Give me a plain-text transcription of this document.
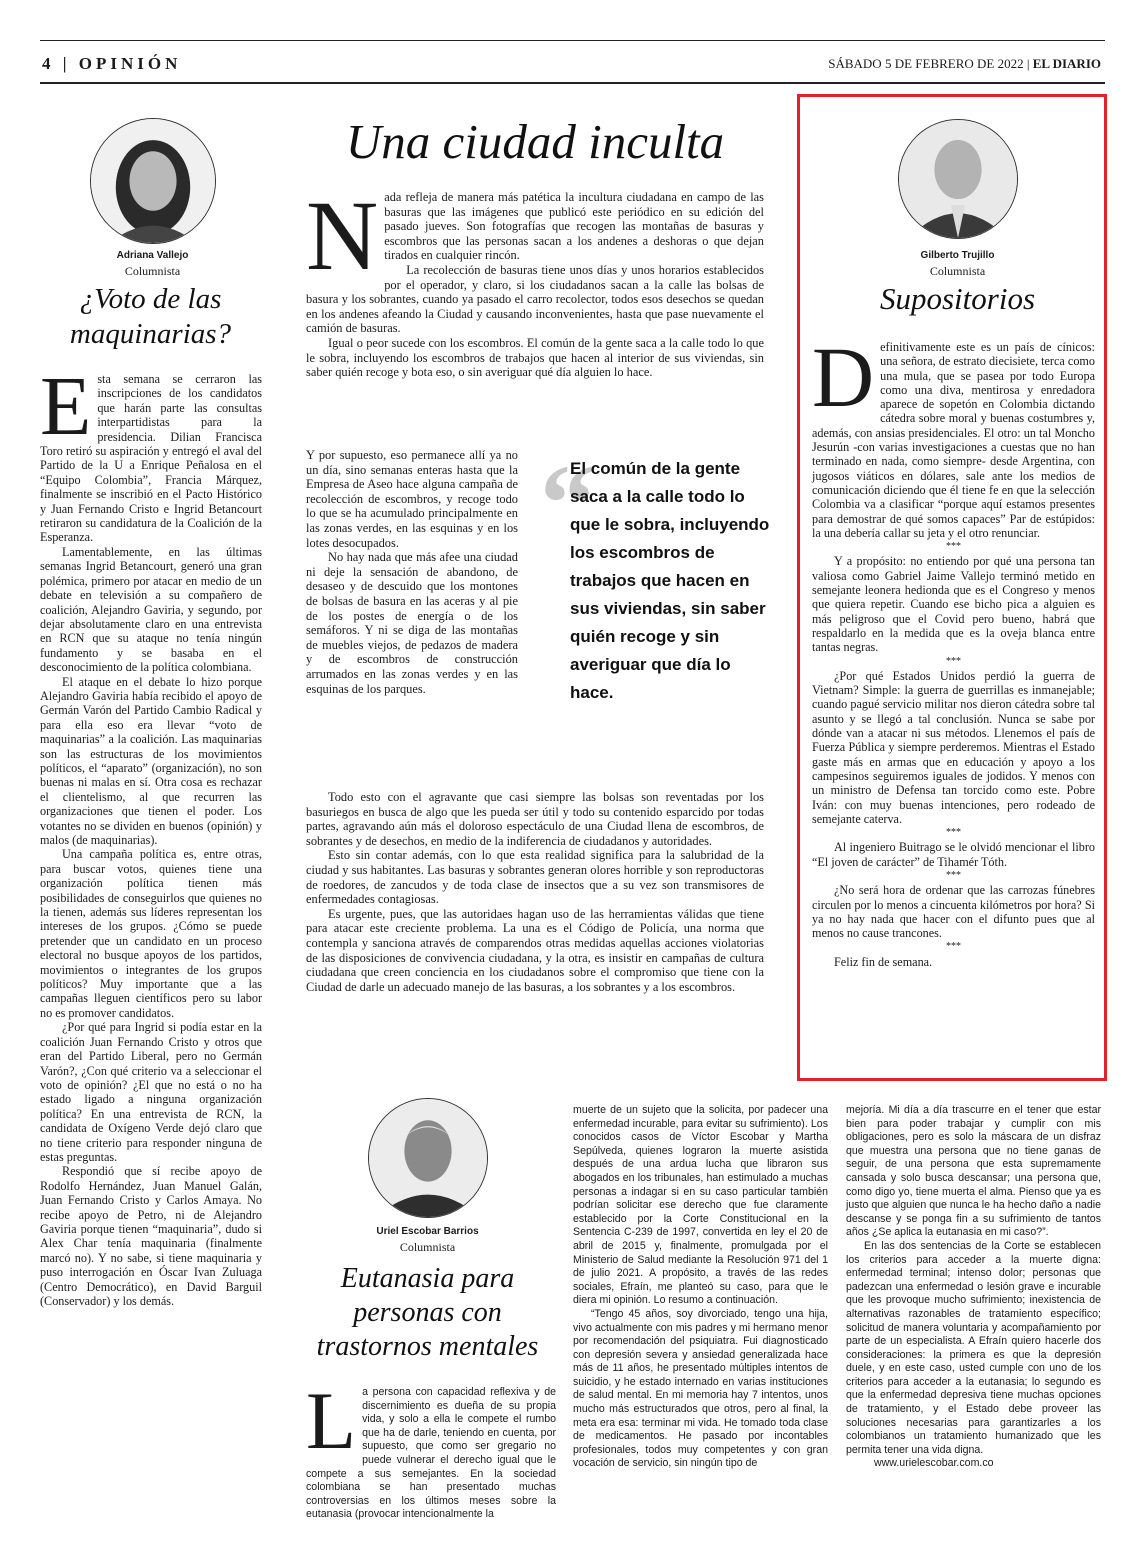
4 | OPINIÓN	SÁBADO 5 DE FEBRERO DE 2022 | EL DIARIO
Adriana Vallejo
Columnista
¿Voto de las maquinarias?

Esta semana se cerraron las inscripciones de los candidatos que harán parte las consultas interpartidistas para la presidencia. Dilian Francisca Toro retiró su aspiración y entregó el aval del Partido de la U a Enrique Peñalosa en el “Equipo Colombia”, Francia Márquez, finalmente se inscribió en el Pacto Histórico y Juan Fernando Cristo e Ingrid Betancourt retiraron su candidatura de la Coalición de la Esperanza.

Lamentablemente, en las últimas semanas Ingrid Betancourt, generó una gran polémica, primero por atacar en medio de un debate en televisión a su compañero de coalición, Alejandro Gaviria, y segundo, por dejar absolutamente claro en una entrevista en RCN que su ataque no tenía ningún fundamento y se basaba en el desconocimiento de la política colombiana.

El ataque en el debate lo hizo porque Alejandro Gaviria había recibido el apoyo de Germán Varón del Partido Cambio Radical y para ella eso era llevar “voto de maquinarias” a la coalición. Las maquinarias son las estructuras de los movimientos políticos, el “aparato” (organización), no son buenas ni malas en sí. Otra cosa es rechazar el clientelismo, al que recurren las organizaciones que tienen el poder. Los votantes no se dividen en buenos (opinión) y malos (de maquinarias).

Una campaña política es, entre otras, para buscar votos, quienes tiene una organización política tienen más posibilidades de conseguirlos que quienes no la tienen, además sus líderes representan los intereses de los grupos. ¿Cómo se puede pretender que un candidato en un proceso electoral no busque apoyos de los partidos, movimientos o integrantes de los grupos políticos? Muy importante que a las campañas lleguen científicos pero su labor no es promover candidatos.

¿Por qué para Ingrid si podía estar en la coalición Juan Fernando Cristo y otros que eran del Partido Liberal, pero no Germán Varón?, ¿Con qué criterio va a seleccionar el voto de opinión? ¿El que no está o no ha estado ligado a ninguna organización política? En una entrevista de RCN, la candidata de Oxígeno Verde dejó claro que no tiene criterio para responder ninguna de estas preguntas.

Respondió que sí recibe apoyo de Rodolfo Hernández, Juan Manuel Galán, Juan Fernando Cristo y Carlos Amaya. No recibe apoyo de Petro, ni de Alejandro Gaviria porque tienen “maquinaria”, dudo si Alex Char tenía maquinaria (finalmente marcó no). Y no sabe, si tiene maquinaria y puso interrogación en Óscar Ivan Zuluaga (Centro Democrático), en David Barguil (Conservador) y los demás.

Una ciudad inculta

Nada refleja de manera más patética la incultura ciudadana en campo de las basuras que las imágenes que publicó este periódico en su edición del pasado jueves. Son fotografías que recogen las montañas de basuras y escombros que las personas sacan a los andenes a deshoras o que dejan tirados en cualquier rincón.

La recolección de basuras tiene unos días y unos horarios establecidos por el operador, y claro, si los ciudadanos sacan a la calle las bolsas de basura y los sobrantes, cuando ya pasado el carro recolector, todos esos desechos se quedan en los andenes afeando la Ciudad y causando inconvenientes, hasta que pase nuevamente el camión de basuras.

Igual o peor sucede con los escombros. El común de la gente saca a la calle todo lo que le sobra, incluyendo los escombros de trabajos que hacen al interior de sus viviendas, sin saber quién recoge y bota eso, o sin averiguar qué día alguien lo hace.

Y por supuesto, eso permanece allí ya no un día, sino semanas enteras hasta que la Empresa de Aseo hace alguna campaña de recolección de escombros, y recoge todo lo que se ha acumulado principalmente en las zonas verdes, en las esquinas y en los lotes desocupados.

No hay nada que más afee una ciudad ni deje la sensación de abandono, de desaseo y de descuido que los montones de bolsas de basura en las aceras y al pie de los postes de energía o de los semáforos. Y ni se diga de las montañas de muebles viejos, de pedazos de madera y de escombros de construcción arrumados en las zonas verdes y en las esquinas de los parques.

“
El común de la gente saca a la calle todo lo que le sobra, incluyendo los escombros de trabajos que hacen en sus viviendas, sin saber quién recoge y sin averiguar que día lo hace.

Todo esto con el agravante que casi siempre las bolsas son reventadas por los basuriegos en busca de algo que les pueda ser útil y todo su contenido esparcido por todas partes, agravando aún más el doloroso espectáculo de una Ciudad llena de escombros, de sobrantes y de desechos, en medio de la indiferencia de ciudadanos y autoridades.

Esto sin contar además, con lo que esta realidad significa para la salubridad de la ciudad y sus habitantes. Las basuras y sobrantes generan olores horrible y son reproductoras de roedores, de zancudos y de toda clase de insectos que a su vez son transmisores de enfermedades contagiosas.

Es urgente, pues, que las autoridaes hagan uso de las herramientas válidas que tiene para atacar este creciente problema. La una es el Código de Policía, una norma que contempla y sanciona através de comparendos otras medidas aquellas acciones violatorias de las disposiciones de convivencia ciudadana, y la otra, es insistir en campañas de cultura ciudadana que creen conciencia en los ciudadanos sobre el compromiso que tiene con la Ciudad de darle un adecuado manejo de las basuras, a los sobrantes y a los escombros.

Gilberto Trujillo
Columnista
Supositorios

Definitivamente este es un país de cínicos: una señora, de estrato diecisiete, terca como una mula, que se pasea por todo Europa como una diva, mentirosa y enredadora aparece de sopetón en Colombia dictando cátedra sobre moral y buenas costumbres y, además, con ansias presidenciales. El otro: un tal Moncho Jesurún -con varias investigaciones a cuestas que no han terminado en nada, como siempre- desde Argentina, con jugosos viáticos en dólares, sale ante los medios de comunicación diciendo que él tiene fe en que la selección Colombia va a clasificar “porque aquí estamos presentes para demostrar de qué somos capaces” Par de estúpidos: la una debería callar su jeta y el otro renunciar.

***

Y a propósito: no entiendo por qué una persona tan valiosa como Gabriel Jaime Vallejo terminó metido en semejante leonera hedionda que es el Congreso y menos que quiera repetir. Cuando ese bicho pica a alguien es más peligroso que el Covid pero bueno, habrá que respaldarlo en la medida que es la oveja blanca entre tantas negras.

***

¿Por qué Estados Unidos perdió la guerra de Vietnam? Simple: la guerra de guerrillas es inmanejable; cuando pagué servicio militar nos dieron cátedra sobre tal asunto y se llegó a tal conclusión. Nunca se sabe por dónde van a atacar ni sus métodos. Llenemos el país de Fuerza Pública y siempre perderemos. Mientras el Estado gaste más en armas que en educación y apoyo a los campesinos seguiremos iguales de jodidos. Y menos con un ministro de Defensa tan torcido como este. Pobre Iván: con muy buenas intenciones, pero rodeado de semejante caterva.

***

Al ingeniero Buitrago se le olvidó mencionar el libro “El joven de carácter” de Tihamér Tóth.

***

¿No será hora de ordenar que las carrozas fúnebres circulen por lo menos a cincuenta kilómetros por hora? Si ya no hay nada que hacer con el difunto pues que al menos no cause trancones.

***

Feliz fin de semana.

Uriel Escobar Barrios
Columnista
Eutanasia para personas con trastornos mentales

La persona con capacidad reflexiva y de discernimiento es dueña de su propia vida, y solo a ella le compete el rumbo que ha de darle, teniendo en cuenta, por supuesto, que como ser gregario no puede vulnerar el derecho igual que le compete a sus semejantes. En la sociedad colombiana se han presentado muchas controversias en los últimos meses sobre la eutanasia (provocar intencionalmente la

muerte de un sujeto que la solicita, por padecer una enfermedad incurable, para evitar su sufrimiento). Los conocidos casos de Víctor Escobar y Martha Sepúlveda, quienes lograron la muerte asistida después de una ardua lucha que libraron sus abogados en los tribunales, han estimulado a muchas personas a indagar si en su caso particular también podrían solicitar ese derecho que fue claramente establecido por la Corte Constitucional en la Sentencia C-239 de 1997, convertida en ley el 20 de abril de 2015 y, finalmente, promulgada por el Ministerio de Salud mediante la Resolución 971 del 1 de julio 2021. A propósito, a través de las redes sociales, Efraín, me planteó su caso, para que le diera mi opinión. Lo resumo a continuación.

“Tengo 45 años, soy divorciado, tengo una hija, vivo actualmente con mis padres y mi hermano menor por recomendación del psiquiatra. Fui diagnosticado con depresión severa y ansiedad generalizada hace más de 11 años, he presentado múltiples intentos de suicidio, y he estado internado en varias instituciones de salud mental. En mi memoria hay 7 intentos, unos mucho más estructurados que otros, pero al final, la meta era esa: terminar mi vida. He tomado toda clase de medicamentos. He pasado por incontables profesionales, todos muy competentes y con gran vocación de servicio, sin ningún tipo de

mejoría. Mi día a día trascurre en el tener que estar bien para poder trabajar y cumplir con mis obligaciones, pero es solo la máscara de un disfraz que muestra una persona que no tiene ganas de seguir, de una persona que esta supremamente cansada y solo busca descansar; una persona que, como digo yo, tiene muerta el alma. Pienso que ya es justo que alguien que nunca le ha hecho daño a nadie descanse y se ponga fin a su sufrimiento de tantos años ¿Se aplica la eutanasia en mi caso?”.

En las dos sentencias de la Corte se establecen los criterios para acceder a la muerte digna: enfermedad terminal; intenso dolor; personas que padezcan una enfermedad o lesión grave e incurable que les provoque mucho sufrimiento; inexistencia de alternativas razonables de tratamiento específico; solicitud de manera voluntaria y acompañamiento por parte de un especialista. A Efraín quiero hacerle dos consideraciones: la primera es que la depresión duele, y en este caso, usted cumple con uno de los criterios para acceder a la eutanasia; lo segundo es que la enfermedad depresiva tiene muchas opciones de tratamiento, y el Estado debe proveer las soluciones necesarias para garantizarles a los colombianos un tratamiento humanizado que les permita tener una vida digna.

www.urielescobar.com.co
